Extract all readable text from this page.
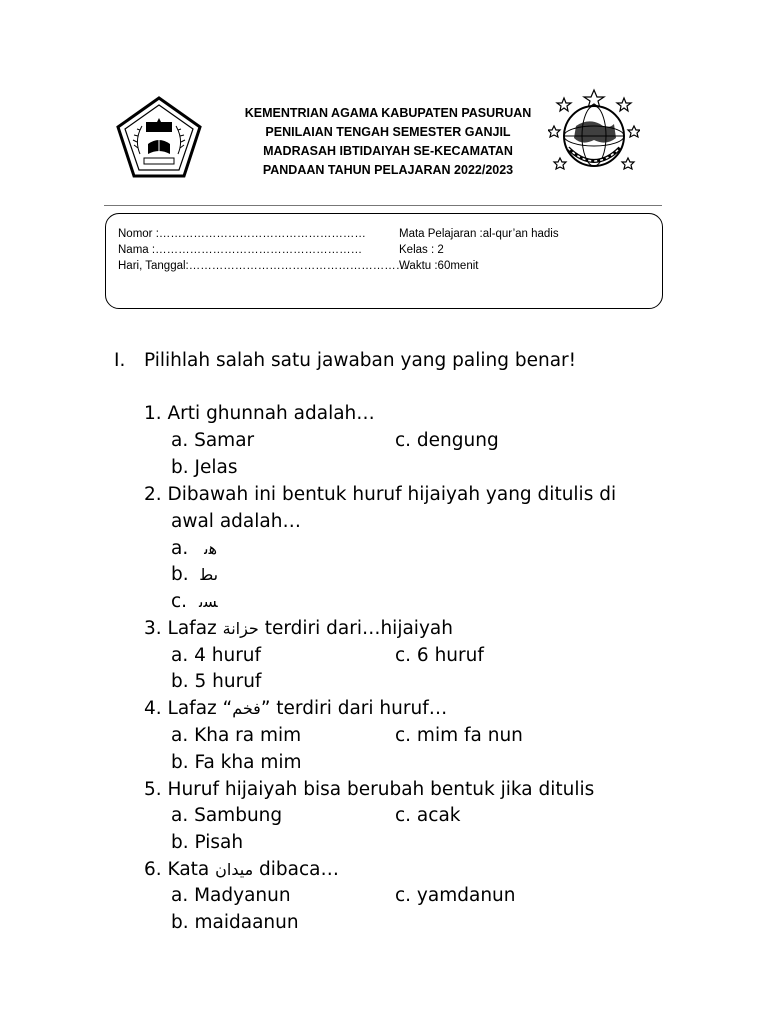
KEMENTRIAN AGAMA KABUPATEN PASURUAN
PENILAIAN TENGAH SEMESTER GANJIL
MADRASAH IBTIDAIYAH SE-KECAMATAN
PANDAAN TAHUN PELAJARAN 2022/2023
Nomor :………………………………………………
Nama :………………………………………………
Hari, Tanggal:…………………………………………………
Mata Pelajaran :al-qur’an hadis
Kelas : 2
Waktu :60menit
I. Pilihlah salah satu jawaban yang paling benar!
1. Arti ghunnah adalah…
a. Samar	c. dengung
b. Jelas
2. Dibawah ini bentuk huruf hijaiyah yang ditulis di
awal adalah…
a. ﮬﯨ
b. ﯨﻄ
c. ﺴﯨ
3. Lafaz حزانة terdiri dari…hijaiyah
a. 4 huruf	c. 6 huruf
b. 5 huruf
4. Lafaz “فخم” terdiri dari huruf…
a. Kha ra mim	c. mim fa nun
b. Fa kha mim
5. Huruf hijaiyah bisa berubah bentuk jika ditulis
a. Sambung	c. acak
b. Pisah
6. Kata ميدان dibaca…
a. Madyanun	c. yamdanun
b. maidaanun
